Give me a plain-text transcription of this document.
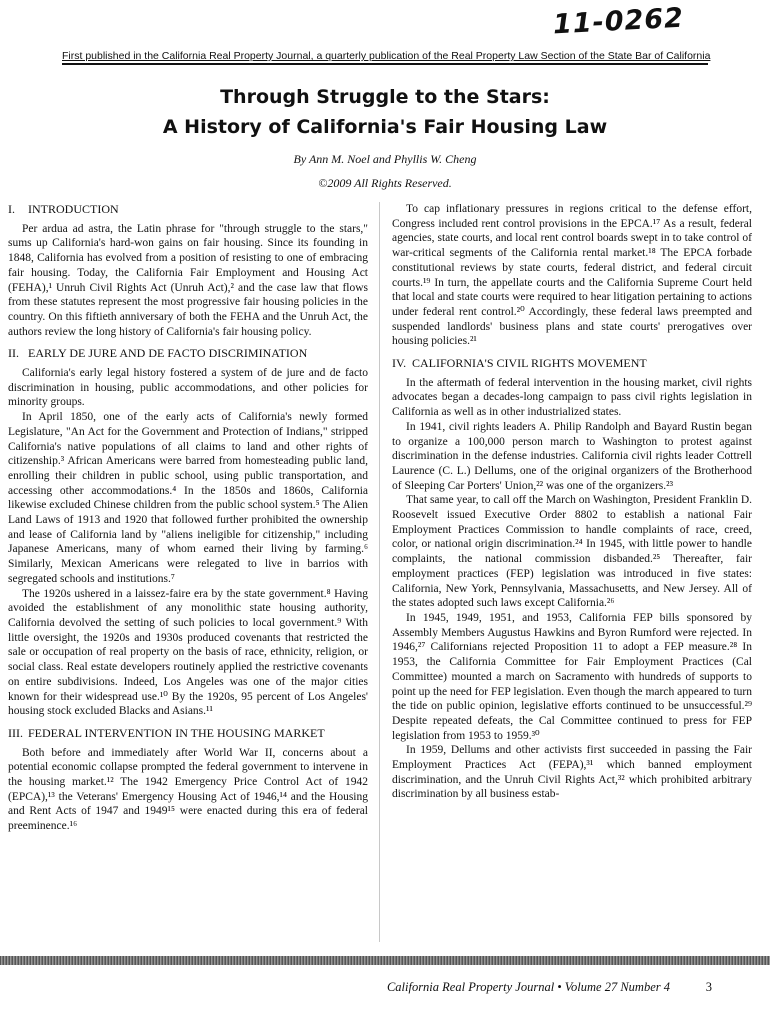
11-0262
First published in the California Real Property Journal, a quarterly publication of the Real Property Law Section of the State Bar of California
Through Struggle to the Stars:
A History of California's Fair Housing Law
By Ann M. Noel and Phyllis W. Cheng
©2009 All Rights Reserved.
I.	INTRODUCTION

Per ardua ad astra, the Latin phrase for "through struggle to the stars," sums up California's hard-won gains on fair housing. Since its founding in 1848, California has evolved from a position of resisting to one of embracing fair housing. Today, the California Fair Employment and Housing Act (FEHA),¹ Unruh Civil Rights Act (Unruh Act),² and the case law that flows from these statutes represent the most progressive fair housing policies in the country. On this fiftieth anniversary of both the FEHA and the Unruh Act, the authors review the long history of California's fair housing policy.

II. EARLY DE JURE AND DE FACTO DISCRIMINATION

California's early legal history fostered a system of de jure and de facto discrimination in housing, public accommodations, and other policies for minority groups.

In April 1850, one of the early acts of California's newly formed Legislature, "An Act for the Government and Protection of Indians," stripped California's native populations of all claims to land and other rights of citizenship.³ African Americans were barred from homesteading public land, enrolling their children in public school, using public transportation, and accessing other accommodations.⁴ In the 1850s and 1860s, California likewise excluded Chinese children from the public school system.⁵ The Alien Land Laws of 1913 and 1920 that followed further prohibited the ownership and lease of California land by "aliens ineligible for citizenship," including Japanese Americans, many of whom earned their living by farming.⁶ Similarly, Mexican Americans were relegated to live in barrios with segregated schools and institutions.⁷

The 1920s ushered in a laissez-faire era by the state government.⁸ Having avoided the establishment of any monolithic state housing authority, California devolved the setting of such policies to local government.⁹ With little oversight, the 1920s and 1930s produced covenants that restricted the sale or occupation of real property on the basis of race, ethnicity, religion, or social class. Real estate developers routinely applied the restrictive covenants on entire subdivisions. Indeed, Los Angeles was one of the major cities known for their widespread use.¹⁰ By the 1920s, 95 percent of Los Angeles' housing stock excluded Blacks and Asians.¹¹

III. FEDERAL INTERVENTION IN THE HOUSING MARKET

Both before and immediately after World War II, concerns about a potential economic collapse prompted the federal government to intervene in the housing market.¹² The 1942 Emergency Price Control Act of 1942 (EPCA),¹³ the Veterans' Emergency Housing Act of 1946,¹⁴ and the Housing and Rent Acts of 1947 and 1949¹⁵ were enacted during this era of federal preeminence.¹⁶

To cap inflationary pressures in regions critical to the defense effort, Congress included rent control provisions in the EPCA.¹⁷ As a result, federal agencies, state courts, and local rent control boards swept in to take control of war-critical segments of the California rental market.¹⁸ The EPCA forbade constitutional reviews by state courts, federal district, and federal circuit courts.¹⁹ In turn, the appellate courts and the California Supreme Court held that local and state courts were required to hear litigation pertaining to actions under federal rent control.²⁰ Accordingly, these federal laws preempted and suspended landlords' business plans and state courts' prerogatives over housing policies.²¹

IV. CALIFORNIA'S CIVIL RIGHTS MOVEMENT

In the aftermath of federal intervention in the housing market, civil rights advocates began a decades-long campaign to pass civil rights legislation in California as well as in other industrialized states.

In 1941, civil rights leaders A. Philip Randolph and Bayard Rustin began to organize a 100,000 person march to Washington to protest against discrimination in the defense industries. California civil rights leader Cottrell Laurence (C. L.) Dellums, one of the original organizers of the Brotherhood of Sleeping Car Porters' Union,²² was one of the organizers.²³

That same year, to call off the March on Washington, President Franklin D. Roosevelt issued Executive Order 8802 to establish a national Fair Employment Practices Commission to handle complaints of race, creed, color, or national origin discrimination.²⁴ In 1945, with little power to handle complaints, the national commission disbanded.²⁵ Thereafter, fair employment practices (FEP) legislation was introduced in five states: California, New York, Pennsylvania, Massachusetts, and New Jersey. All of the states adopted such laws except California.²⁶

In 1945, 1949, 1951, and 1953, California FEP bills sponsored by Assembly Members Augustus Hawkins and Byron Rumford were rejected. In 1946,²⁷ Californians rejected Proposition 11 to adopt a FEP measure.²⁸ In 1953, the California Committee for Fair Employment Practices (Cal Committee) mounted a march on Sacramento with hundreds of supports to point up the need for FEP legislation. Even though the march appeared to turn the tide on public opinion, legislative efforts continued to be unsuccessful.²⁹ Despite repeated defeats, the Cal Committee continued to press for FEP legislation from 1953 to 1959.³⁰

In 1959, Dellums and other activists first succeeded in passing the Fair Employment Practices Act (FEPA),³¹ which banned employment discrimination, and the Unruh Civil Rights Act,³² which prohibited arbitrary discrimination by all business estab-

California Real Property Journal • Volume 27 Number 4	3
